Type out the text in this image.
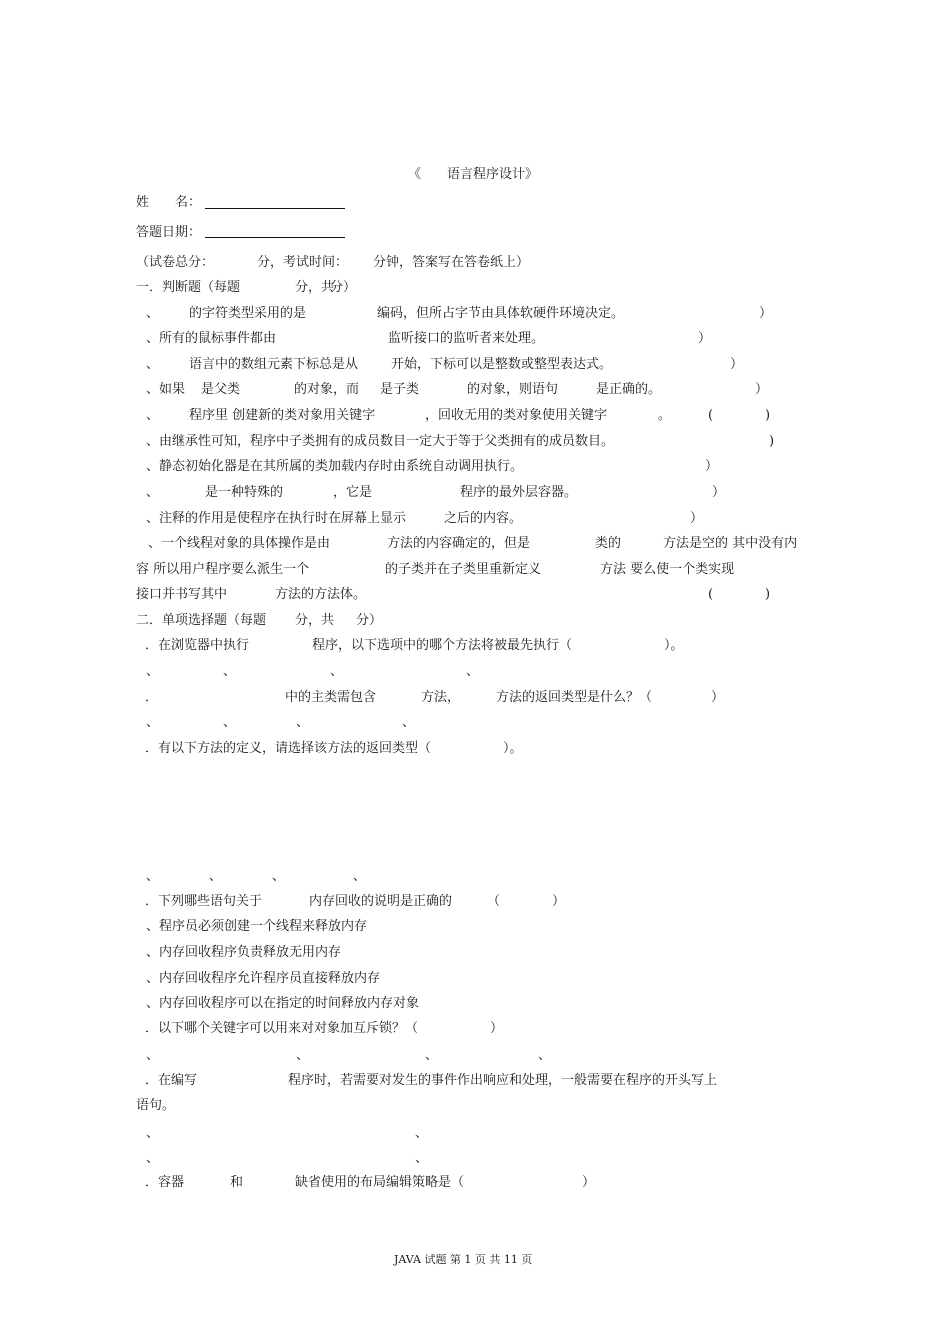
《 语言程序设计》
姓　　名：
答题日期：
（试卷总分：	分，考试时间： 分钟，答案写在答卷纸上）
一．判断题（每题	分，共
分）
、 的字符类型采用的是	编码，但所占字节由具体软硬件环境决定。	）
、所有的鼠标事件都由	监听接口的监听者来处理。	）
、 语言中的数组元素下标总是从	开始，下标可以是整数或整型表达式。	）
、如果 是父类	的对象，而 是子类	的对象，则语句	是正确的。	）
、 程序里 创建新的类对象用关键字	，回收无用的类对象使用关键字	。	(	)
、由继承性可知，程序中子类拥有的成员数目一定大于等于父类拥有的成员数目。	)
、静态初始化器是在其所属的类加载内存时由系统自动调用执行。	）
、	是一种特殊的	，它是	程序的最外层容器。	）
、注释的作用是使程序在执行时在屏幕上显示	之后的内容。	）
、一个线程对象的具体操作是由	方法的内容确定的，但是	类的	方法是空的 其中没有内
容 所以用户程序要么派生一个	的子类并在子类里重新定义	方法 要么使一个类实现
接口并书写其中	方法的方法体。	(	)
二．单项选择题（每题 分，共 分）
．在浏览器中执行	程序，以下选项中的哪个方法将被最先执行（	）。
、	、	、	、
．	中的主类需包含	方法，	方法的返回类型是什么？（	）
、	、	、	、
．有以下方法的定义，请选择该方法的返回类型（	）。
、	、	、	、
．下列哪些语句关于	内存回收的说明是正确的	（	）
、程序员必须创建一个线程来释放内存
、内存回收程序负责释放无用内存
、内存回收程序允许程序员直接释放内存
、内存回收程序可以在指定的时间释放内存对象
．以下哪个关键字可以用来对对象加互斥锁？（	）
、	、	、	、
．在编写	程序时，若需要对发生的事件作出响应和处理，一般需要在程序的开头写上
语句。
、	、
、	、
．容器	和	缺省使用的布局编辑策略是（	）
JAVA 试题 第 1 页 共 11 页
